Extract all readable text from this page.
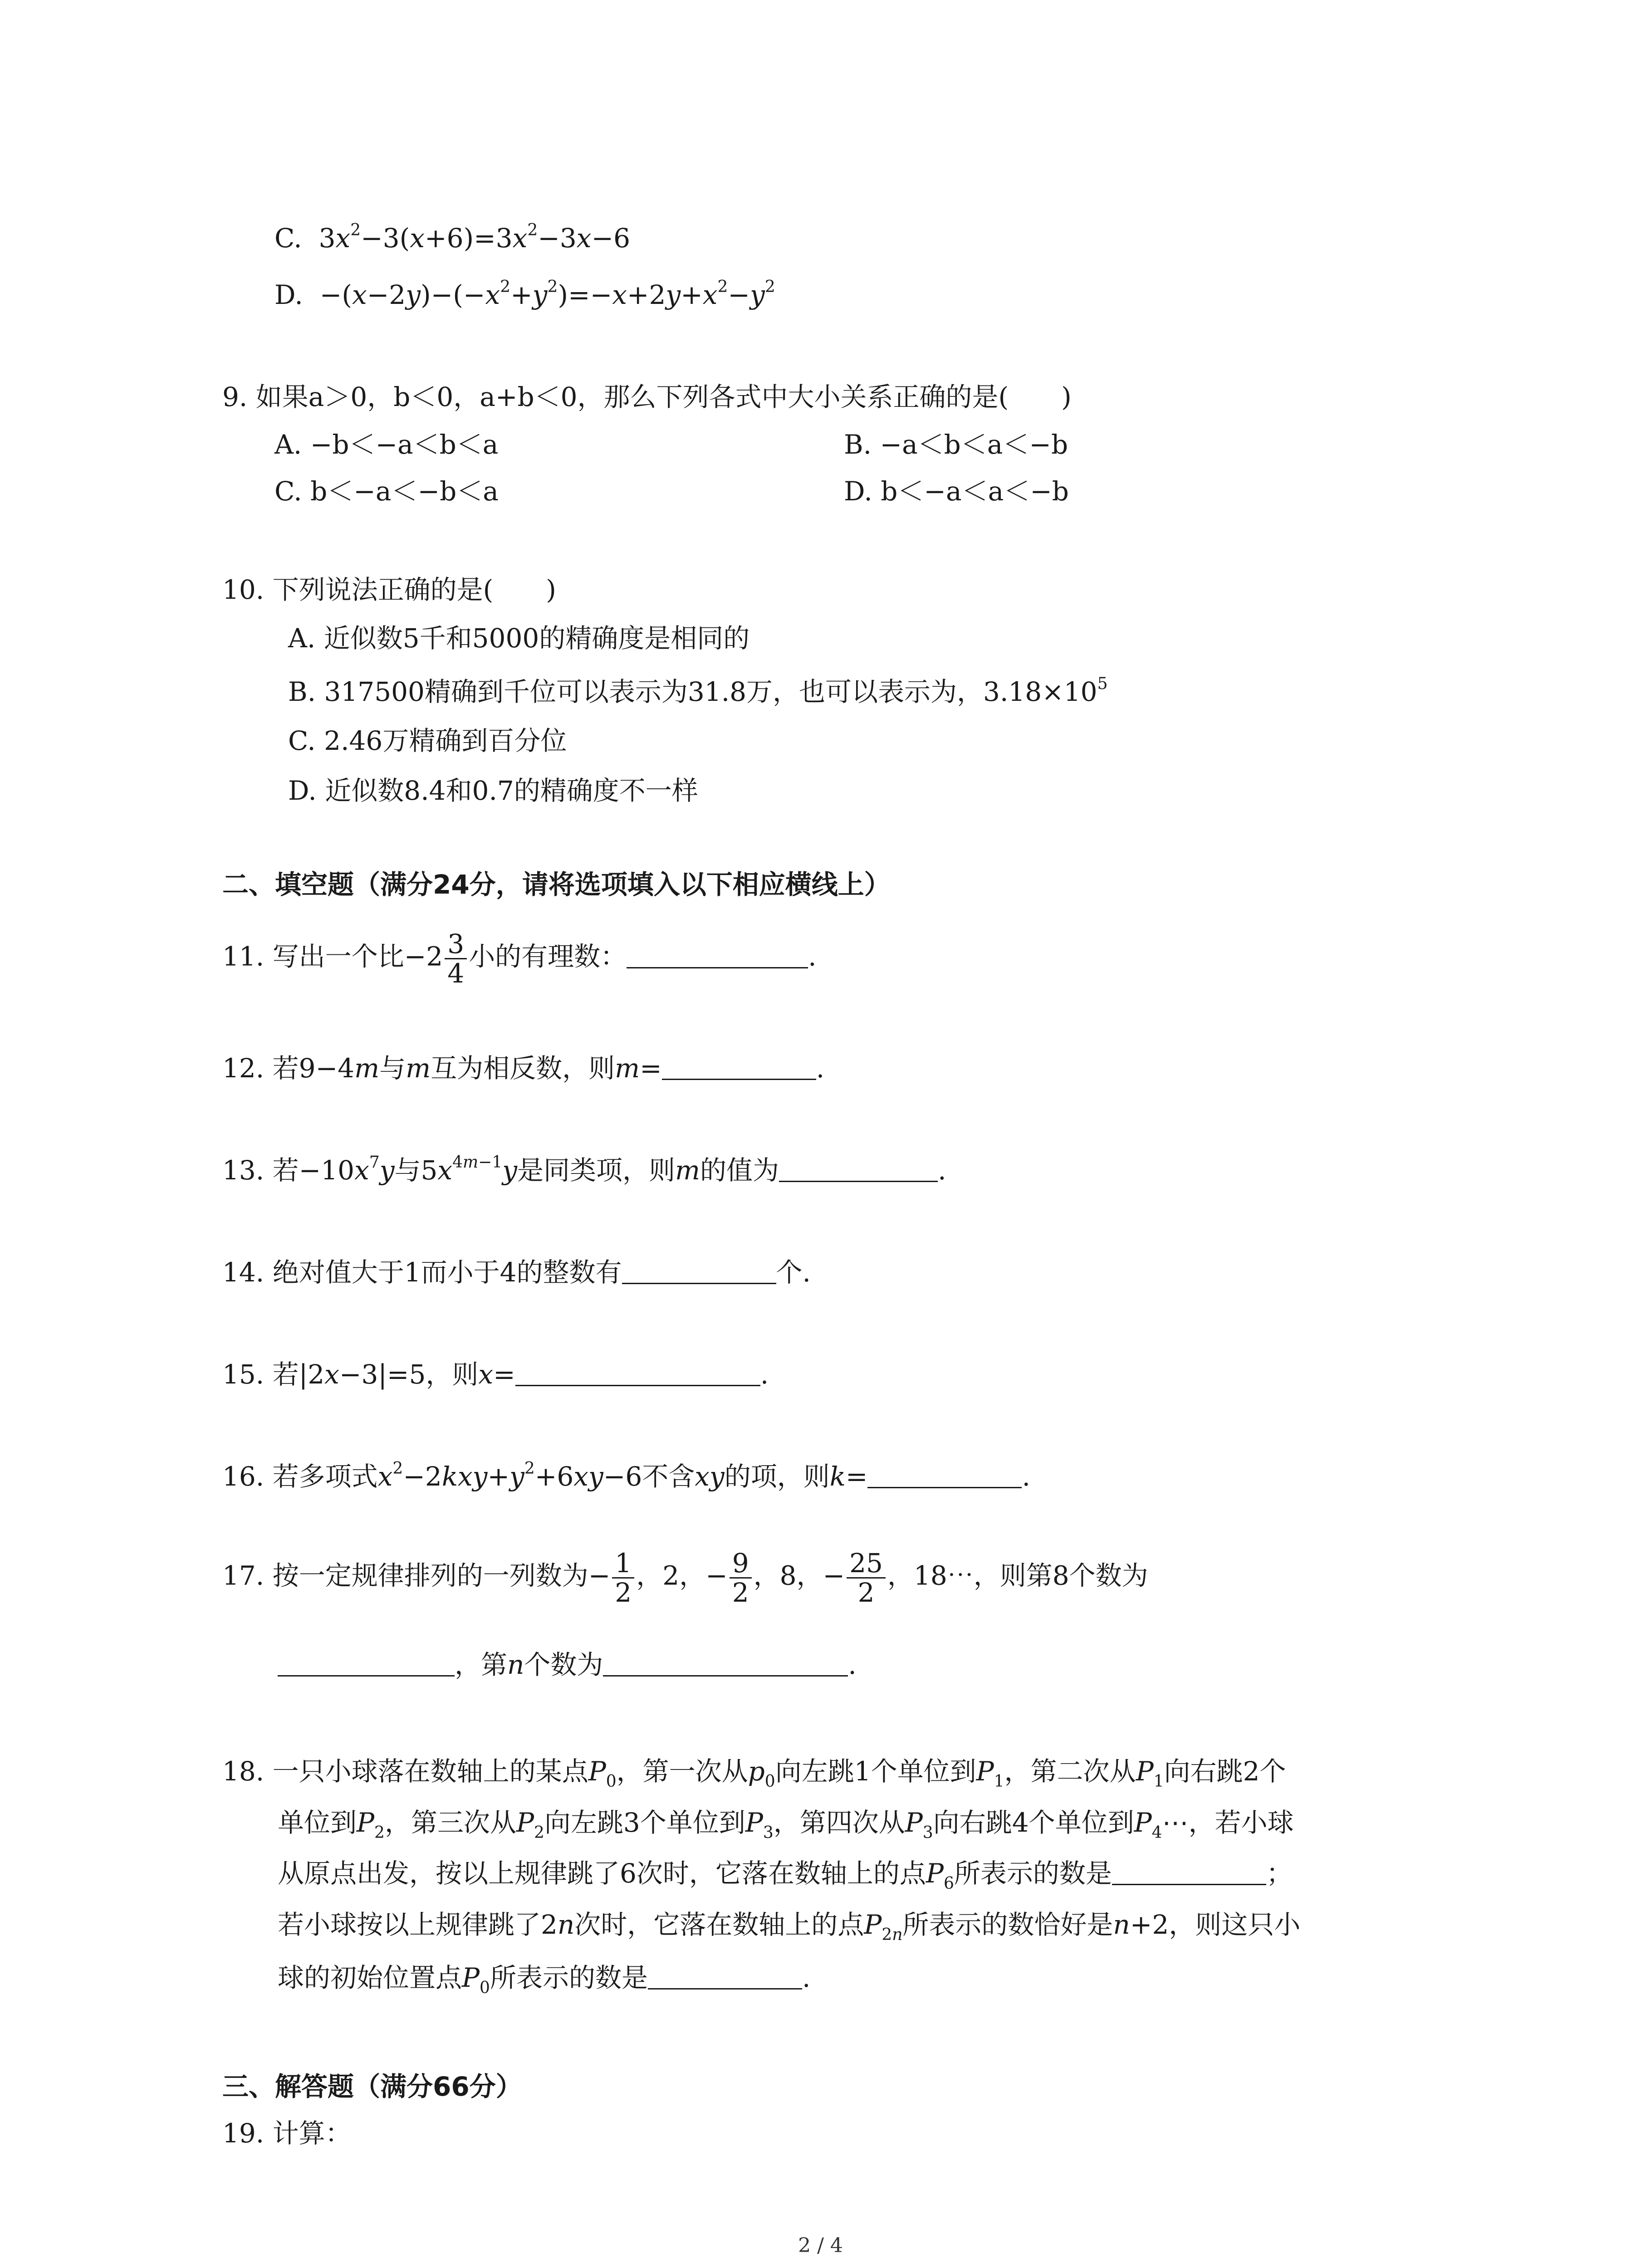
C.  $3x^2-3(x+6)=3x^2-3x-6$
D.  $-(x-2y)-(-x^2+y^2)=-x+2y+x^2-y^2$
9. 如果a＞0，b＜0，a+b＜0，那么下列各式中大小关系正确的是(　　)
A. −b＜−a＜b＜a	B. −a＜b＜a＜−b
C. b＜−a＜−b＜a	D. b＜−a＜a＜−b
10. 下列说法正确的是(　　)
A. 近似数5千和5000的精确度是相同的
B. 317500精确到千位可以表示为31.8万，也可以表示为，$3.18\times 10^5$
C. 2.46万精确到百分位
D. 近似数8.4和0.7的精确度不一样
二、填空题（满分24分，请将选项填入以下相应横线上）
11. 写出一个比$-2 \frac{3}{4}$ 小的有理数：	.
12. 若9−4m与m互为相反数，则m=	.
13. 若$-10x^7y$与$5x^{4m-1}y$是同类项，则m的值为	.
14. 绝对值大于1而小于4的整数有	个.
15. 若|2x−3|=5，则x=	.
16. 若多项式$x^2-2kxy+y^2+6xy-6$不含xy的项，则k=	.
17. 按一定规律排列的一列数为− $\frac{1}{2}$ ，2，− $\frac{9}{2}$ ，8，− $\frac{25}{2}$ ，18⋯，则第8个数为
，第n个数为	.
18. 一只小球落在数轴上的某点$P_0$，第一次从$p_0$向左跳1个单位到$P_1$，第二次从$P_1$向右跳2个
单位到$P_2$，第三次从$P_2$向左跳3个单位到$P_3$，第四次从$P_3$向右跳4个单位到$P_4\cdots$，若小球
从原点出发，按以上规律跳了6次时，它落在数轴上的点$P_6$所表示的数是	；
若小球按以上规律跳了2n次时，它落在数轴上的点$P_{2n}$所表示的数恰好是n+2，则这只小
球的初始位置点$P_0$所表示的数是	.
三、解答题（满分66分）
19. 计算：
2 / 4
